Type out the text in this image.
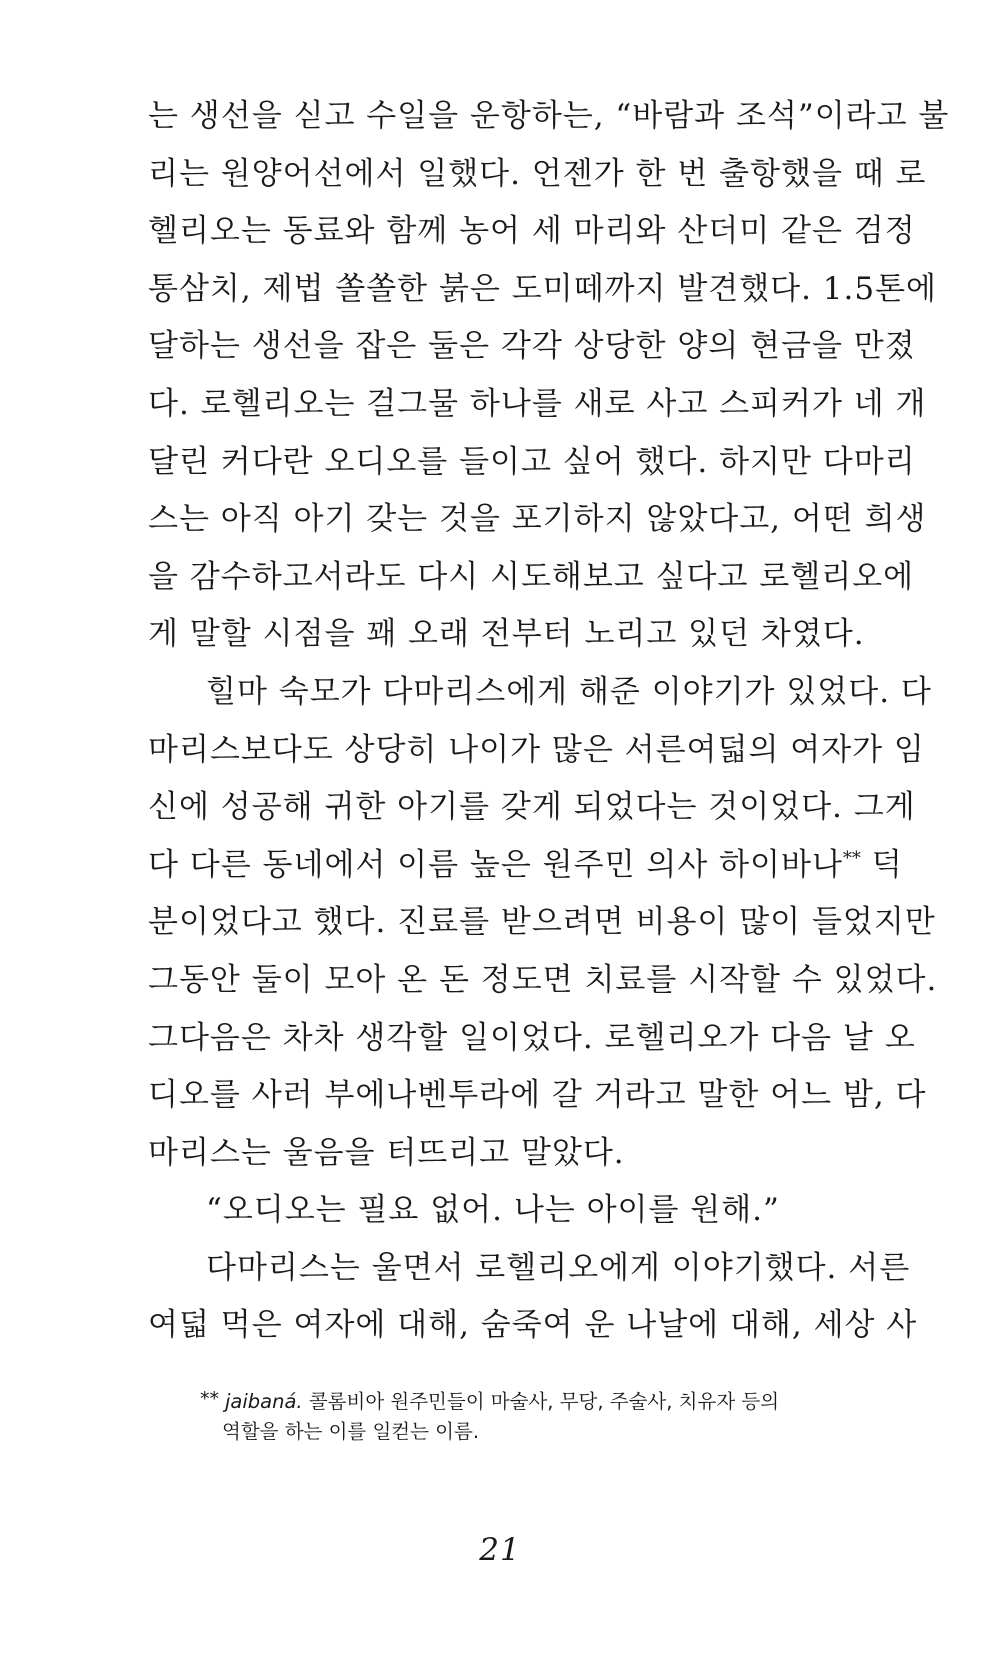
는 생선을 싣고 수일을 운항하는, “바람과 조석”이라고 불
리는 원양어선에서 일했다. 언젠가 한 번 출항했을 때 로
헬리오는 동료와 함께 농어 세 마리와 산더미 같은 검정
통삼치, 제법 쏠쏠한 붉은 도미떼까지 발견했다. 1.5톤에
달하는 생선을 잡은 둘은 각각 상당한 양의 현금을 만졌
다. 로헬리오는 걸그물 하나를 새로 사고 스피커가 네 개
달린 커다란 오디오를 들이고 싶어 했다. 하지만 다마리
스는 아직 아기 갖는 것을 포기하지 않았다고, 어떤 희생
을 감수하고서라도 다시 시도해보고 싶다고 로헬리오에
게 말할 시점을 꽤 오래 전부터 노리고 있던 차였다.
힐마 숙모가 다마리스에게 해준 이야기가 있었다. 다
마리스보다도 상당히 나이가 많은 서른여덟의 여자가 임
신에 성공해 귀한 아기를 갖게 되었다는 것이었다. 그게
다 다른 동네에서 이름 높은 원주민 의사 하이바나** 덕
분이었다고 했다. 진료를 받으려면 비용이 많이 들었지만
그동안 둘이 모아 온 돈 정도면 치료를 시작할 수 있었다.
그다음은 차차 생각할 일이었다. 로헬리오가 다음 날 오
디오를 사러 부에나벤투라에 갈 거라고 말한 어느 밤, 다
마리스는 울음을 터뜨리고 말았다.
“오디오는 필요 없어. 나는 아이를 원해.”
다마리스는 울면서 로헬리오에게 이야기했다. 서른
여덟 먹은 여자에 대해, 숨죽여 운 나날에 대해, 세상 사
** jaibaná. 콜롬비아 원주민들이 마술사, 무당, 주술사, 치유자 등의
역할을 하는 이를 일컫는 이름.
21
